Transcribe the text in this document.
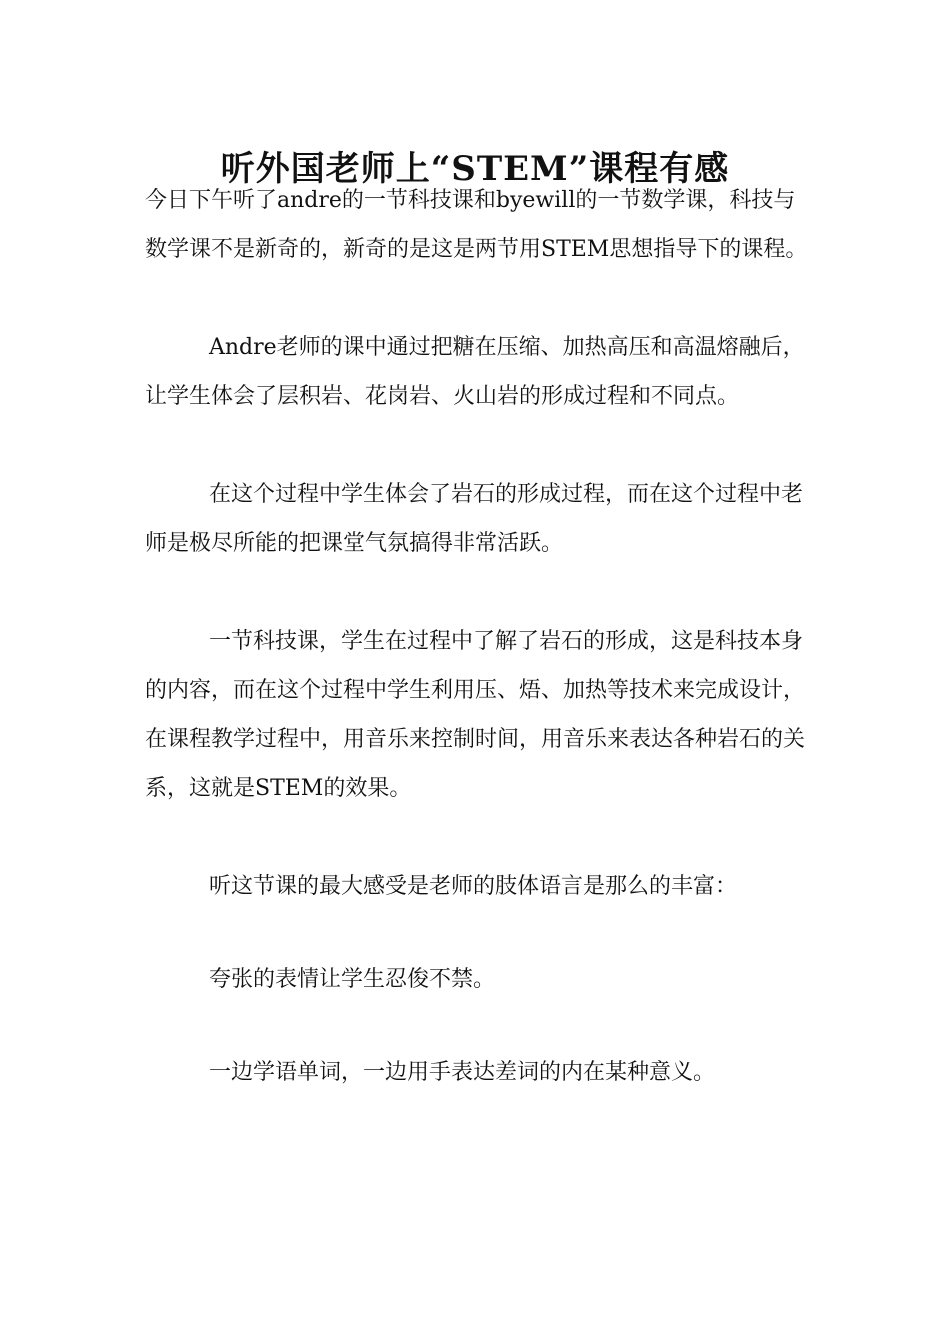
听外国老师上“STEM”课程有感

今日下午听了andre的一节科技课和byewill的一节数学课，科技与数学课不是新奇的，新奇的是这是两节用STEM思想指导下的课程。

Andre老师的课中通过把糖在压缩、加热高压和高温熔融后，让学生体会了层积岩、花岗岩、火山岩的形成过程和不同点。

在这个过程中学生体会了岩石的形成过程，而在这个过程中老师是极尽所能的把课堂气氛搞得非常活跃。

一节科技课，学生在过程中了解了岩石的形成，这是科技本身的内容，而在这个过程中学生利用压、焐、加热等技术来完成设计，在课程教学过程中，用音乐来控制时间，用音乐来表达各种岩石的关系，这就是STEM的效果。

听这节课的最大感受是老师的肢体语言是那么的丰富：

夸张的表情让学生忍俊不禁。

一边学语单词，一边用手表达差词的内在某种意义。
